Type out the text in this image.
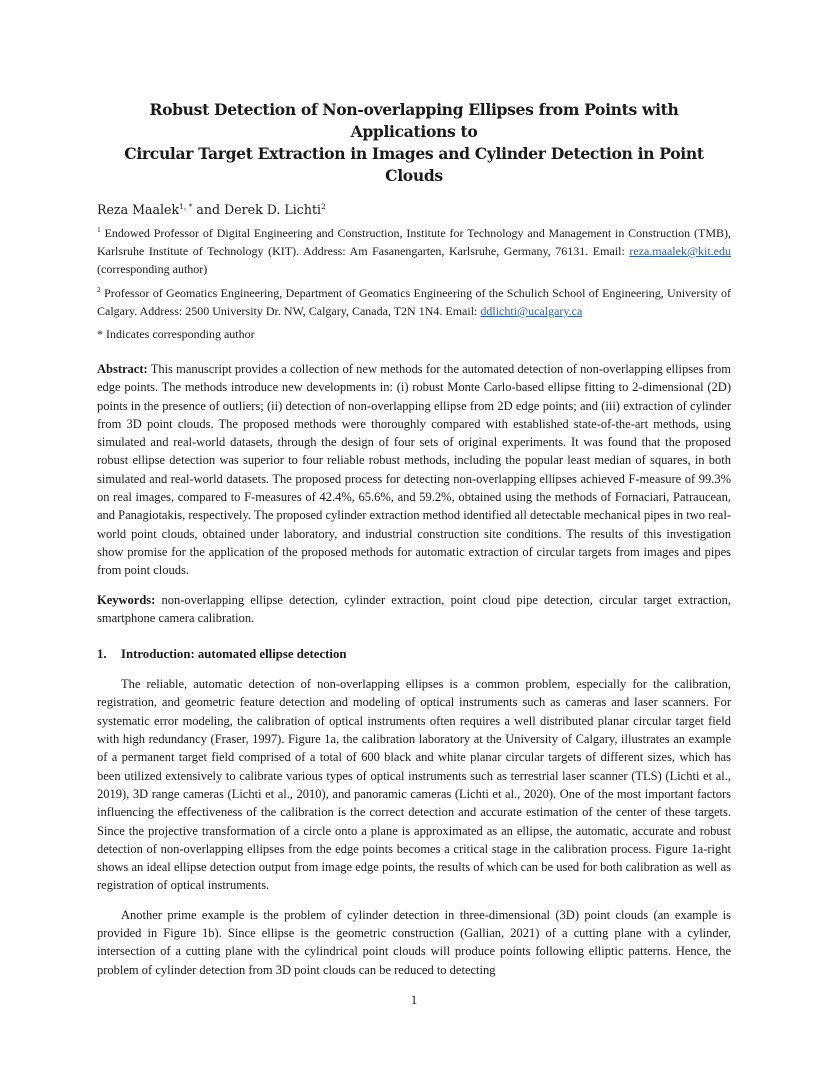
Robust Detection of Non-overlapping Ellipses from Points with Applications to
Circular Target Extraction in Images and Cylinder Detection in Point Clouds
Reza Maalek$^{1, *}$ and Derek D. Lichti$^2$
$^1$ Endowed Professor of Digital Engineering and Construction, Institute for Technology and Management in Construction (TMB), Karlsruhe Institute of Technology (KIT). Address: Am Fasanengarten, Karlsruhe, Germany, 76131. Email: reza.maalek@kit.edu (corresponding author)
$^2$ Professor of Geomatics Engineering, Department of Geomatics Engineering of the Schulich School of Engineering, University of Calgary. Address: 2500 University Dr. NW, Calgary, Canada, T2N 1N4. Email: ddlichti@ucalgary.ca
* Indicates corresponding author

Abstract: This manuscript provides a collection of new methods for the automated detection of non-overlapping ellipses from edge points. The methods introduce new developments in: (i) robust Monte Carlo-based ellipse fitting to 2-dimensional (2D) points in the presence of outliers; (ii) detection of non-overlapping ellipse from 2D edge points; and (iii) extraction of cylinder from 3D point clouds. The proposed methods were thoroughly compared with established state-of-the-art methods, using simulated and real-world datasets, through the design of four sets of original experiments. It was found that the proposed robust ellipse detection was superior to four reliable robust methods, including the popular least median of squares, in both simulated and real-world datasets. The proposed process for detecting non-overlapping ellipses achieved F-measure of 99.3% on real images, compared to F-measures of 42.4%, 65.6%, and 59.2%, obtained using the methods of Fornaciari, Patraucean, and Panagiotakis, respectively. The proposed cylinder extraction method identified all detectable mechanical pipes in two real-world point clouds, obtained under laboratory, and industrial construction site conditions. The results of this investigation show promise for the application of the proposed methods for automatic extraction of circular targets from images and pipes from point clouds.

Keywords: non-overlapping ellipse detection, cylinder extraction, point cloud pipe detection, circular target extraction, smartphone camera calibration.

1. Introduction: automated ellipse detection

The reliable, automatic detection of non-overlapping ellipses is a common problem, especially for the calibration, registration, and geometric feature detection and modeling of optical instruments such as cameras and laser scanners. For systematic error modeling, the calibration of optical instruments often requires a well distributed planar circular target field with high redundancy (Fraser, 1997). Figure 1a, the calibration laboratory at the University of Calgary, illustrates an example of a permanent target field comprised of a total of 600 black and white planar circular targets of different sizes, which has been utilized extensively to calibrate various types of optical instruments such as terrestrial laser scanner (TLS) (Lichti et al., 2019), 3D range cameras (Lichti et al., 2010), and panoramic cameras (Lichti et al., 2020). One of the most important factors influencing the effectiveness of the calibration is the correct detection and accurate estimation of the center of these targets. Since the projective transformation of a circle onto a plane is approximated as an ellipse, the automatic, accurate and robust detection of non-overlapping ellipses from the edge points becomes a critical stage in the calibration process. Figure 1a-right shows an ideal ellipse detection output from image edge points, the results of which can be used for both calibration as well as registration of optical instruments.

Another prime example is the problem of cylinder detection in three-dimensional (3D) point clouds (an example is provided in Figure 1b). Since ellipse is the geometric construction (Gallian, 2021) of a cutting plane with a cylinder, intersection of a cutting plane with the cylindrical point clouds will produce points following elliptic patterns. Hence, the problem of cylinder detection from 3D point clouds can be reduced to detecting

1
